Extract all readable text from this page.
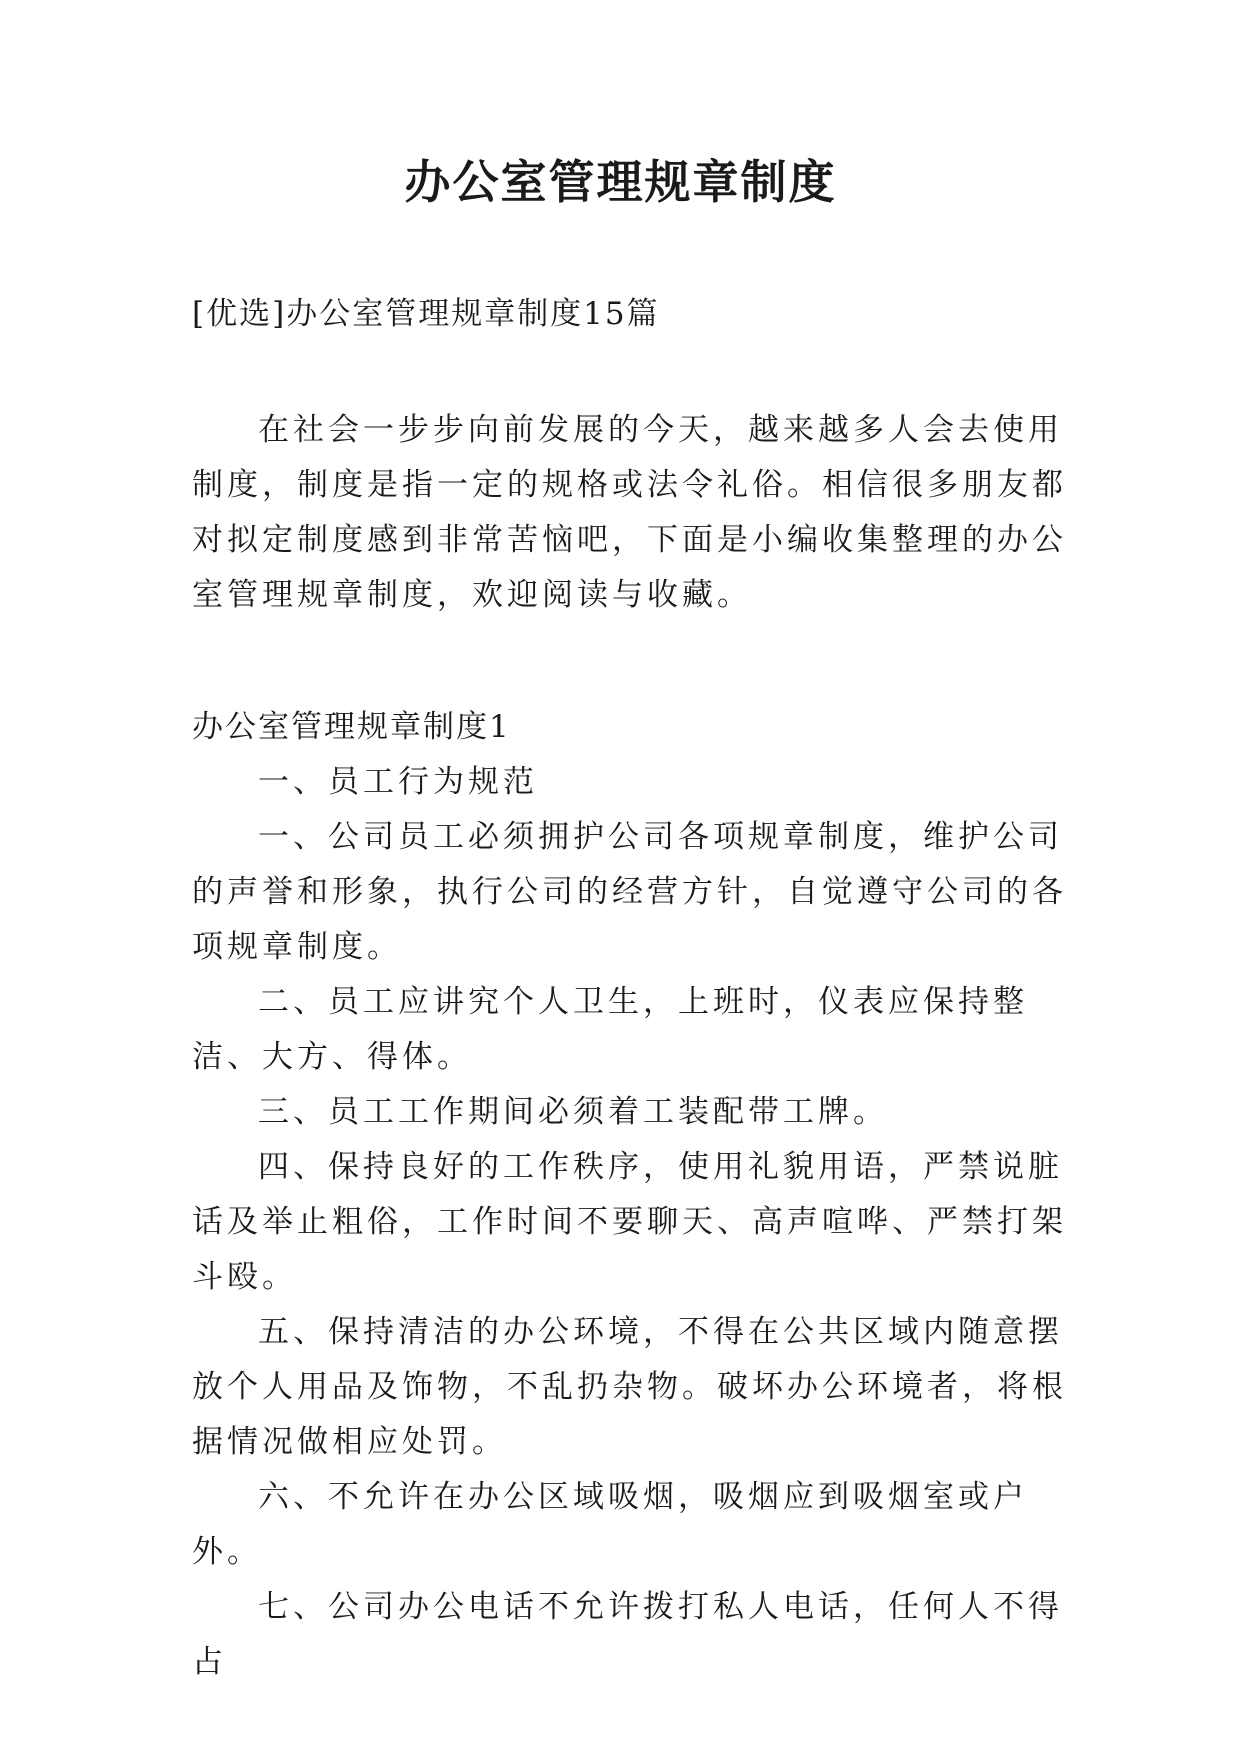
办公室管理规章制度

[优选]办公室管理规章制度15篇

在社会一步步向前发展的今天，越来越多人会去使用制度，制度是指一定的规格或法令礼俗。相信很多朋友都对拟定制度感到非常苦恼吧，下面是小编收集整理的办公室管理规章制度，欢迎阅读与收藏。

办公室管理规章制度1

一、员工行为规范
一、公司员工必须拥护公司各项规章制度，维护公司的声誉和形象，执行公司的经营方针，自觉遵守公司的各项规章制度。
二、员工应讲究个人卫生，上班时，仪表应保持整洁、大方、得体。
三、员工工作期间必须着工装配带工牌。
四、保持良好的工作秩序，使用礼貌用语，严禁说脏话及举止粗俗，工作时间不要聊天、高声喧哗、严禁打架斗殴。
五、保持清洁的办公环境，不得在公共区域内随意摆放个人用品及饰物，不乱扔杂物。破坏办公环境者，将根据情况做相应处罚。
六、不允许在办公区域吸烟，吸烟应到吸烟室或户外。
七、公司办公电话不允许拨打私人电话，任何人不得占
